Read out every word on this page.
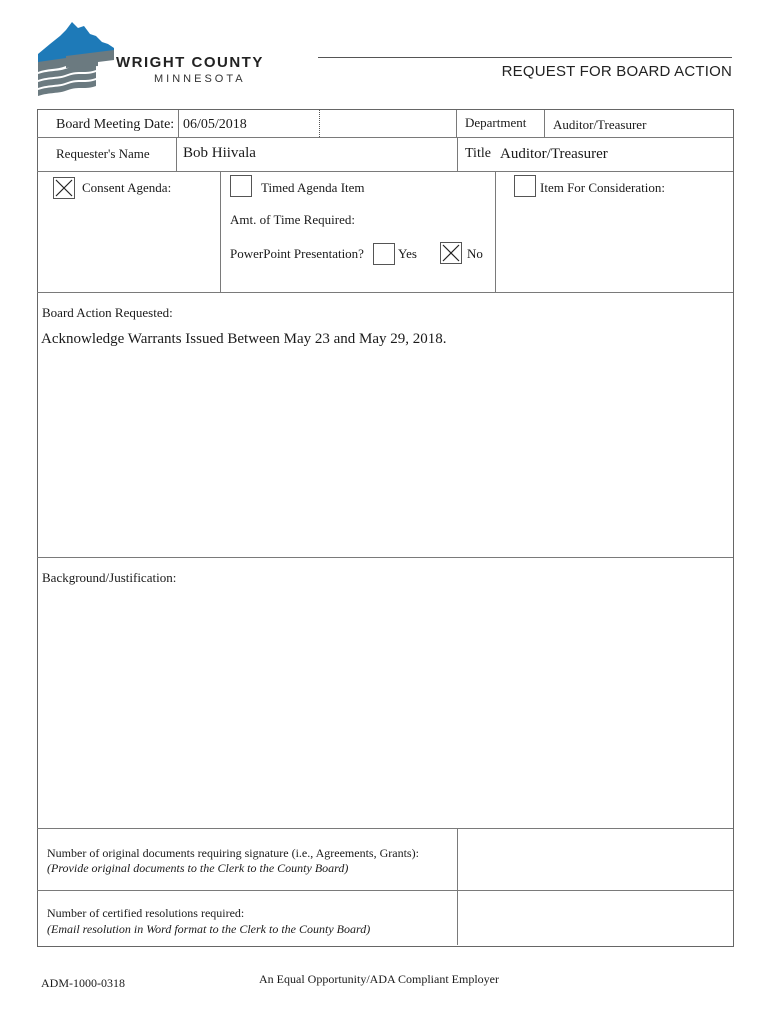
WRIGHT COUNTY
MINNESOTA	REQUEST FOR BOARD ACTION
Board Meeting Date: 06/05/2018	Department Auditor/Treasurer
Requester's Name Bob Hiivala	Title Auditor/Treasurer
Consent Agenda:	Timed Agenda Item
Amt. of Time Required:
PowerPoint Presentation?	Yes	No
Item For Consideration:
Board Action Requested:
Acknowledge Warrants Issued Between May 23 and May 29, 2018.
Background/Justification:
Number of original documents requiring signature (i.e., Agreements, Grants):
(Provide original documents to the Clerk to the County Board)
Number of certified resolutions required:
(Email resolution in Word format to the Clerk to the County Board)
ADM-1000-0318	An Equal Opportunity/ADA Compliant Employer
